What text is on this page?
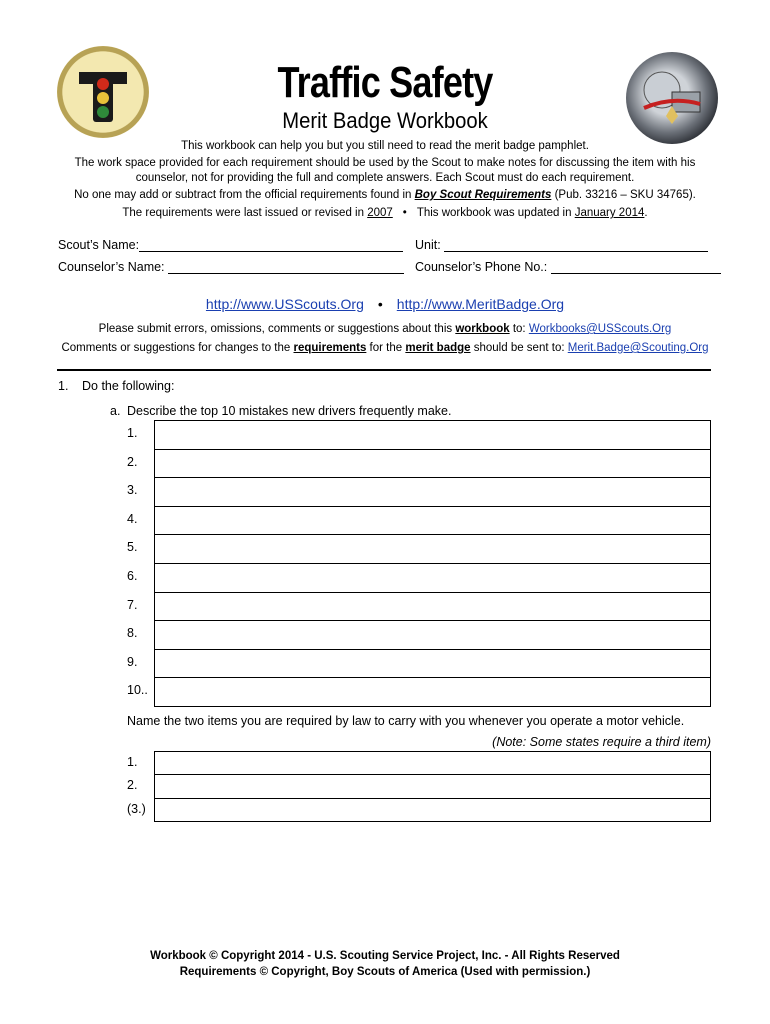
Traffic Safety
Merit Badge Workbook
This workbook can help you but you still need to read the merit badge pamphlet.
The work space provided for each requirement should be used by the Scout to make notes for discussing the item with his counselor, not for providing the full and complete answers. Each Scout must do each requirement.
No one may add or subtract from the official requirements found in Boy Scout Requirements (Pub. 33216 – SKU 34765).
The requirements were last issued or revised in 2007 • This workbook was updated in January 2014.
Scout’s Name:	Unit:
Counselor’s Name:	Counselor’s Phone No.:
http://www.USScouts.Org • http://www.MeritBadge.Org
Please submit errors, omissions, comments or suggestions about this workbook to: Workbooks@USScouts.Org
Comments or suggestions for changes to the requirements for the merit badge should be sent to: Merit.Badge@Scouting.Org
1. Do the following:
a. Describe the top 10 mistakes new drivers frequently make.

1.
2.
3.
4.
5.
6.
7.
8.
9.
10..
Name the two items you are required by law to carry with you whenever you operate a motor vehicle.
(Note: Some states require a third item)

1.
2.
(3.)
Workbook © Copyright 2014 - U.S. Scouting Service Project, Inc. - All Rights Reserved
Requirements © Copyright, Boy Scouts of America (Used with permission.)
